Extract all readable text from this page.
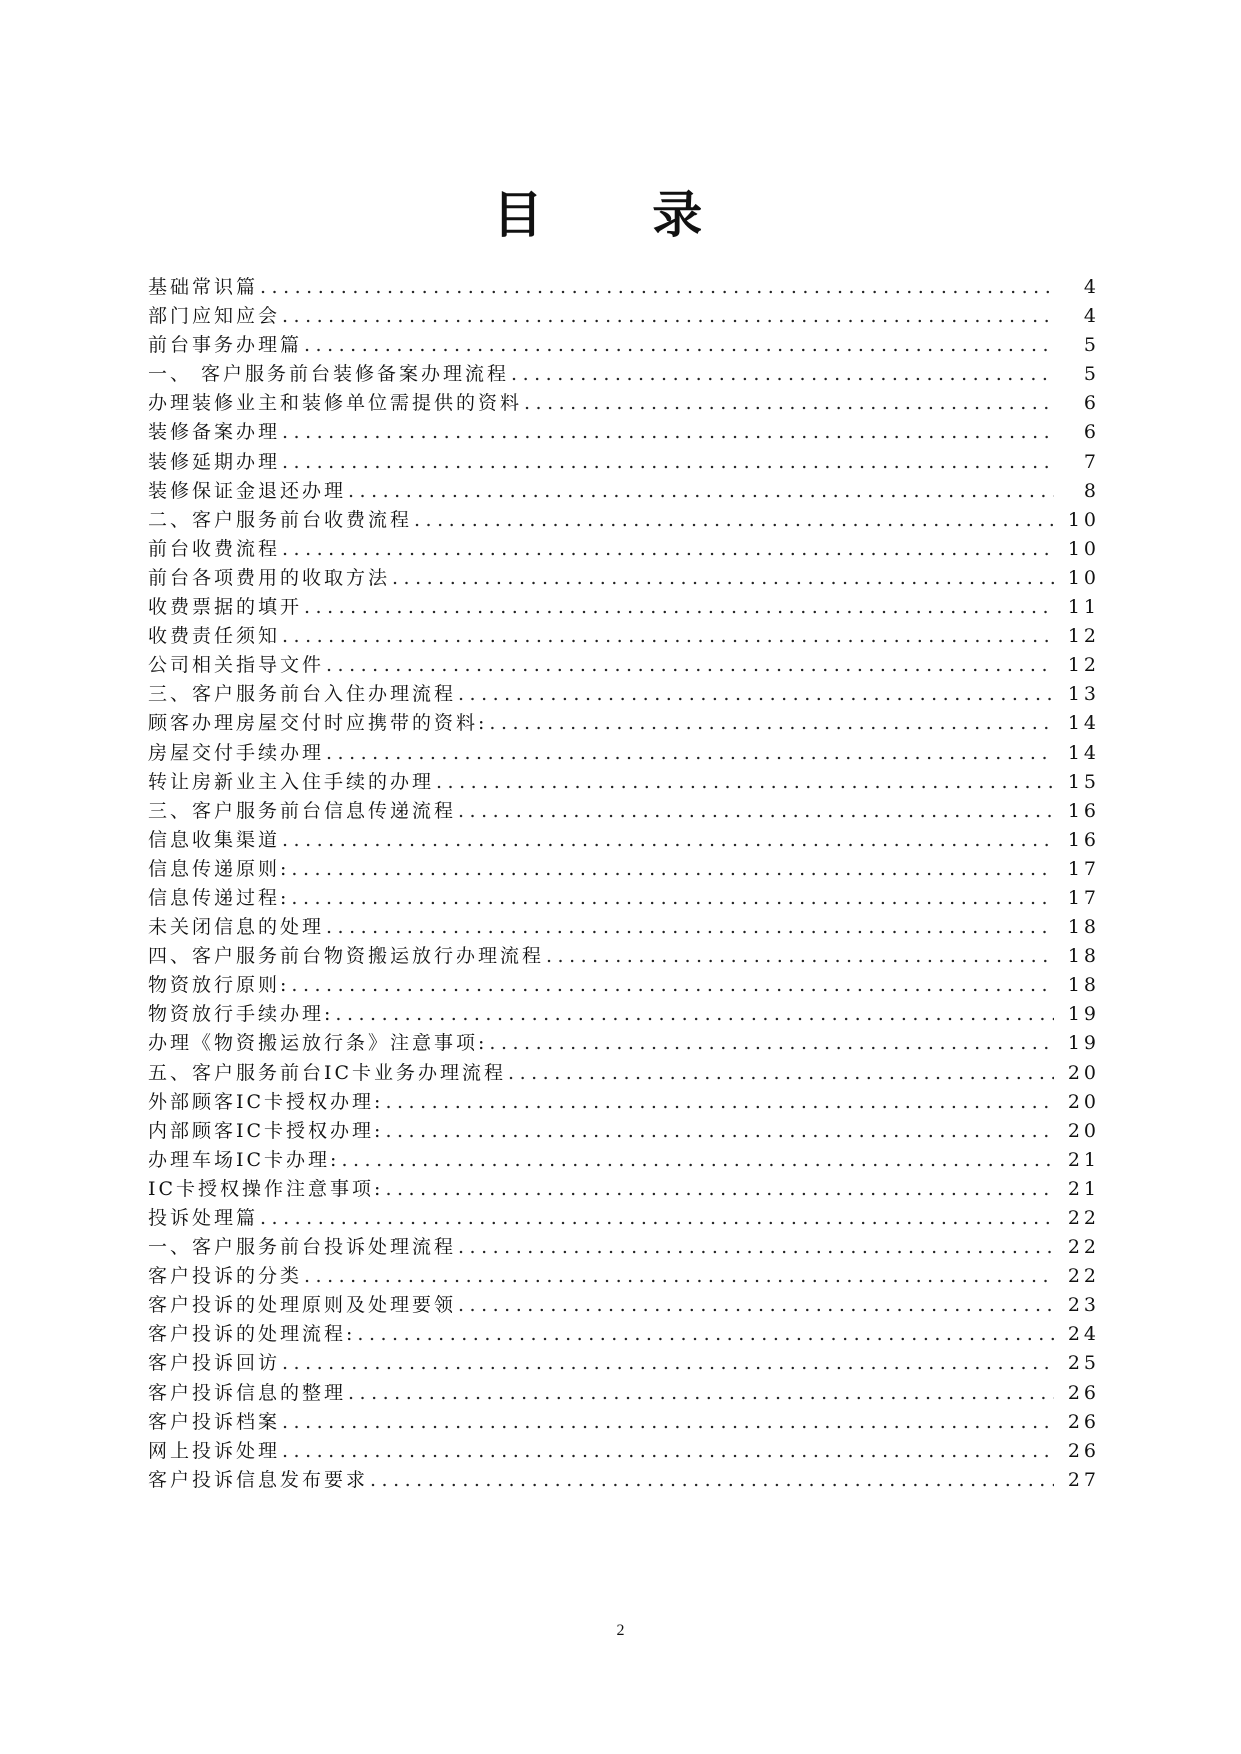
目 录
基础常识篇 .....	4
部门应知应会 .....	4
前台事务办理篇 .....	5
一、 客户服务前台装修备案办理流程 .....	5
办理装修业主和装修单位需提供的资料 .....	6
装修备案办理 .....	6
装修延期办理 .....	7
装修保证金退还办理 .....	8
二、客户服务前台收费流程 .....	10
前台收费流程 .....	10
前台各项费用的收取方法 .....	10
收费票据的填开 .....	11
收费责任须知 .....	12
公司相关指导文件 .....	12
三、客户服务前台入住办理流程 .....	13
顾客办理房屋交付时应携带的资料: .....	14
房屋交付手续办理 .....	14
转让房新业主入住手续的办理 .....	15
三、客户服务前台信息传递流程 .....	16
信息收集渠道 .....	16
信息传递原则: .....	17
信息传递过程: .....	17
未关闭信息的处理 .....	18
四、客户服务前台物资搬运放行办理流程 .....	18
物资放行原则: .....	18
物资放行手续办理: .....	19
办理《物资搬运放行条》注意事项: .....	19
五、客户服务前台IC卡业务办理流程 .....	20
外部顾客IC卡授权办理: .....	20
内部顾客IC卡授权办理: .....	20
办理车场IC卡办理: .....	21
IC卡授权操作注意事项: .....	21
投诉处理篇 .....	22
一、客户服务前台投诉处理流程 .....	22
客户投诉的分类 .....	22
客户投诉的处理原则及处理要领 .....	23
客户投诉的处理流程: .....	24
客户投诉回访 .....	25
客户投诉信息的整理 .....	26
客户投诉档案 .....	26
网上投诉处理 .....	26
客户投诉信息发布要求 .....	27
2
